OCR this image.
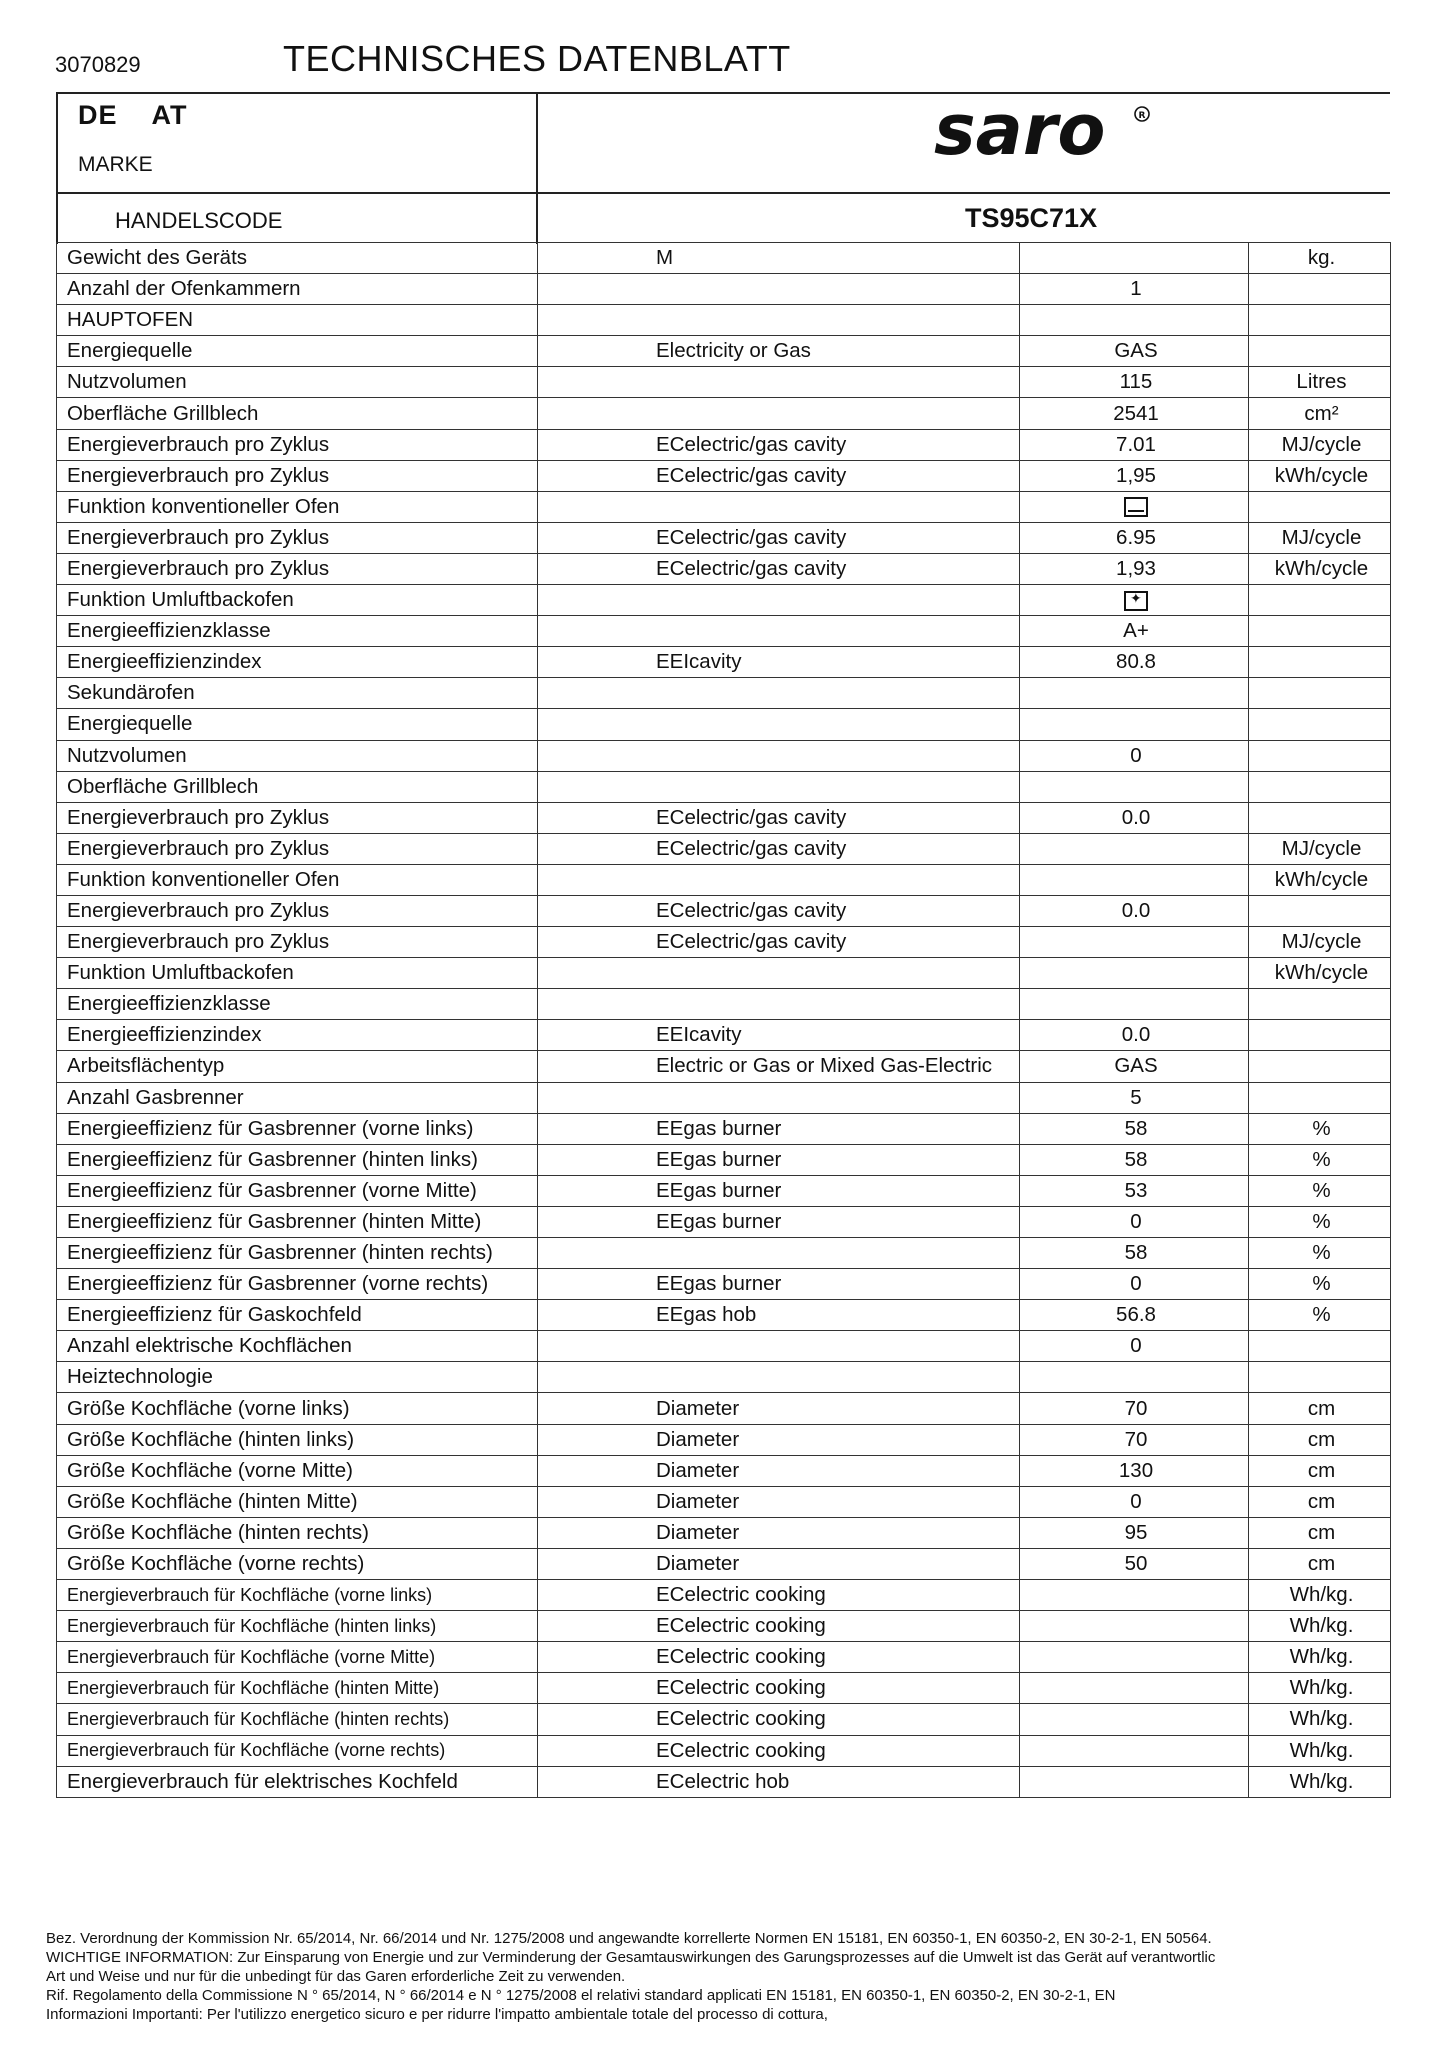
3070829	TECHNISCHES DATENBLATT
DE AT
MARKE	saro	R
HANDELSCODE	TS95C71X
Gewicht des Geräts	M		kg.
Anzahl der Ofenkammern		1	
HAUPTOFEN			
Energiequelle	Electricity or Gas	GAS	
Nutzvolumen		115	Litres
Oberfläche Grillblech		2541	cm²
Energieverbrauch pro Zyklus	ECelectric/gas cavity	7.01	MJ/cycle
Energieverbrauch pro Zyklus	ECelectric/gas cavity	1,95	kWh/cycle
Funktion konventioneller Ofen			
Energieverbrauch pro Zyklus	ECelectric/gas cavity	6.95	MJ/cycle
Energieverbrauch pro Zyklus	ECelectric/gas cavity	1,93	kWh/cycle
Funktion Umluftbackofen		✦	
Energieeffizienzklasse		A+	
Energieeffizienzindex	EEIcavity	80.8	
Sekundärofen			
Energiequelle			
Nutzvolumen		0	
Oberfläche Grillblech			
Energieverbrauch pro Zyklus	ECelectric/gas cavity	0.0	
Energieverbrauch pro Zyklus	ECelectric/gas cavity		MJ/cycle
Funktion konventioneller Ofen			kWh/cycle
Energieverbrauch pro Zyklus	ECelectric/gas cavity	0.0	
Energieverbrauch pro Zyklus	ECelectric/gas cavity		MJ/cycle
Funktion Umluftbackofen			kWh/cycle
Energieeffizienzklasse			
Energieeffizienzindex	EEIcavity	0.0	
Arbeitsflächentyp	Electric or Gas or Mixed Gas-Electric	GAS	
Anzahl Gasbrenner		5	
Energieeffizienz für Gasbrenner (vorne links)	EEgas burner	58	%
Energieeffizienz für Gasbrenner (hinten links)	EEgas burner	58	%
Energieeffizienz für Gasbrenner (vorne Mitte)	EEgas burner	53	%
Energieeffizienz für Gasbrenner (hinten Mitte)	EEgas burner	0	%
Energieeffizienz für Gasbrenner (hinten rechts)		58	%
Energieeffizienz für Gasbrenner (vorne rechts)	EEgas burner	0	%
Energieeffizienz für Gaskochfeld	EEgas hob	56.8	%
Anzahl elektrische Kochflächen		0	
Heiztechnologie			
Größe Kochfläche (vorne links)	Diameter	70	cm
Größe Kochfläche (hinten links)	Diameter	70	cm
Größe Kochfläche (vorne Mitte)	Diameter	130	cm
Größe Kochfläche (hinten Mitte)	Diameter	0	cm
Größe Kochfläche (hinten rechts)	Diameter	95	cm
Größe Kochfläche (vorne rechts)	Diameter	50	cm
Energieverbrauch für Kochfläche (vorne links)	ECelectric cooking		Wh/kg.
Energieverbrauch für Kochfläche (hinten links)	ECelectric cooking		Wh/kg.
Energieverbrauch für Kochfläche (vorne Mitte)	ECelectric cooking		Wh/kg.
Energieverbrauch für Kochfläche (hinten Mitte)	ECelectric cooking		Wh/kg.
Energieverbrauch für Kochfläche (hinten rechts)	ECelectric cooking		Wh/kg.
Energieverbrauch für Kochfläche (vorne rechts)	ECelectric cooking		Wh/kg.
Energieverbrauch für elektrisches Kochfeld	ECelectric hob		Wh/kg.
Bez. Verordnung der Kommission Nr. 65/2014, Nr. 66/2014 und Nr. 1275/2008 und angewandte korrellerte Normen EN 15181, EN 60350-1, EN 60350-2, EN 30-2-1, EN 50564.
WICHTIGE INFORMATION: Zur Einsparung von Energie und zur Verminderung der Gesamtauswirkungen des Garungsprozesses auf die Umwelt ist das Gerät auf verantwortlic
Art und Weise und nur für die unbedingt für das Garen erforderliche Zeit zu verwenden.
Rif. Regolamento della Commissione N ° 65/2014, N ° 66/2014 e N ° 1275/2008 el relativi standard applicati EN 15181, EN 60350-1, EN 60350-2, EN 30-2-1, EN
Informazioni Importanti: Per l'utilizzo energetico sicuro e per ridurre l'impatto ambientale totale del processo di cottura,
